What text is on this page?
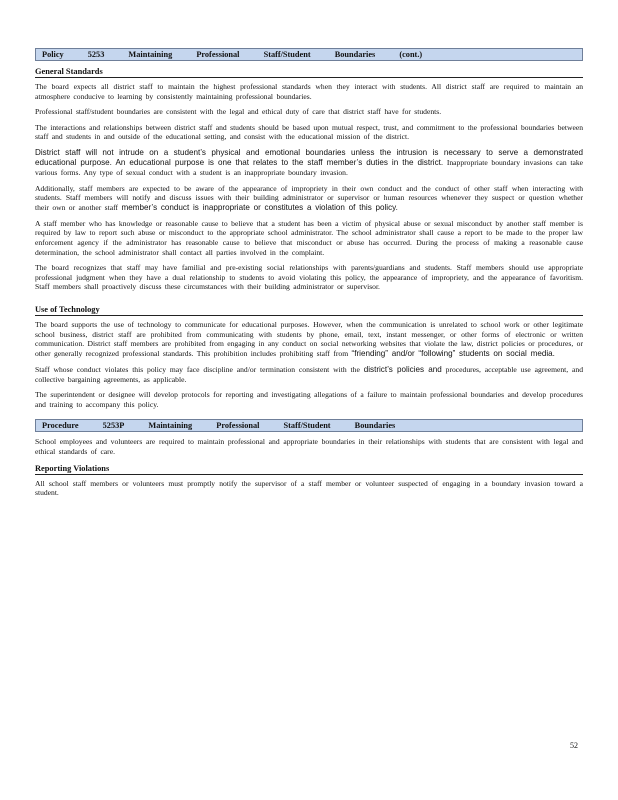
Policy	5253	Maintaining	Professional	Staff/Student	Boundaries	(cont.)
General Standards

The board expects all district staff to maintain the highest professional standards when they interact with students. All district staff are required to maintain an atmosphere conducive to learning by consistently maintaining professional boundaries.

Professional staff/student boundaries are consistent with the legal and ethical duty of care that district staff have for students.

The interactions and relationships between district staff and students should be based upon mutual respect, trust, and commitment to the professional boundaries between staff and students in and outside of the educational setting, and consist with the educational mission of the district.

District staff will not intrude on a student’s physical and emotional boundaries unless the intrusion is necessary to serve a demonstrated educational purpose. An educational purpose is one that relates to the staff member’s duties in the district. Inappropriate boundary invasions can take various forms. Any type of sexual conduct with a student is an inappropriate boundary invasion.

Additionally, staff members are expected to be aware of the appearance of impropriety in their own conduct and the conduct of other staff when interacting with students. Staff members will notify and discuss issues with their building administrator or supervisor or human resources whenever they suspect or question whether their own or another staff member’s conduct is inappropriate or constitutes a violation of this policy.

A staff member who has knowledge or reasonable cause to believe that a student has been a victim of physical abuse or sexual misconduct by another staff member is required by law to report such abuse or misconduct to the appropriate school administrator. The school administrator shall cause a report to be made to the proper law enforcement agency if the administrator has reasonable cause to believe that misconduct or abuse has occurred. During the process of making a reasonable cause determination, the school administrator shall contact all parties involved in the complaint.

The board recognizes that staff may have familial and pre-existing social relationships with parents/guardians and students. Staff members should use appropriate professional judgment when they have a dual relationship to students to avoid violating this policy, the appearance of impropriety, and the appearance of favoritism. Staff members shall proactively discuss these circumstances with their building administrator or supervisor.

Use of Technology

The board supports the use of technology to communicate for educational purposes. However, when the communication is unrelated to school work or other legitimate school business, district staff are prohibited from communicating with students by phone, email, text, instant messenger, or other forms of electronic or written communication. District staff members are prohibited from engaging in any conduct on social networking websites that violate the law, district policies or procedures, or other generally recognized professional standards. This prohibition includes prohibiting staff from “friending” and/or “following” students on social media.

Staff whose conduct violates this policy may face discipline and/or termination consistent with the district’s policies and procedures, acceptable use agreement, and collective bargaining agreements, as applicable.

The superintendent or designee will develop protocols for reporting and investigating allegations of a failure to maintain professional boundaries and develop procedures and training to accompany this policy.

Procedure	5253P	Maintaining	Professional	Staff/Student	Boundaries

School employees and volunteers are required to maintain professional and appropriate boundaries in their relationships with students that are consistent with legal and ethical standards of care.

Reporting Violations

All school staff members or volunteers must promptly notify the supervisor of a staff member or volunteer suspected of engaging in a boundary invasion toward a student.

52
